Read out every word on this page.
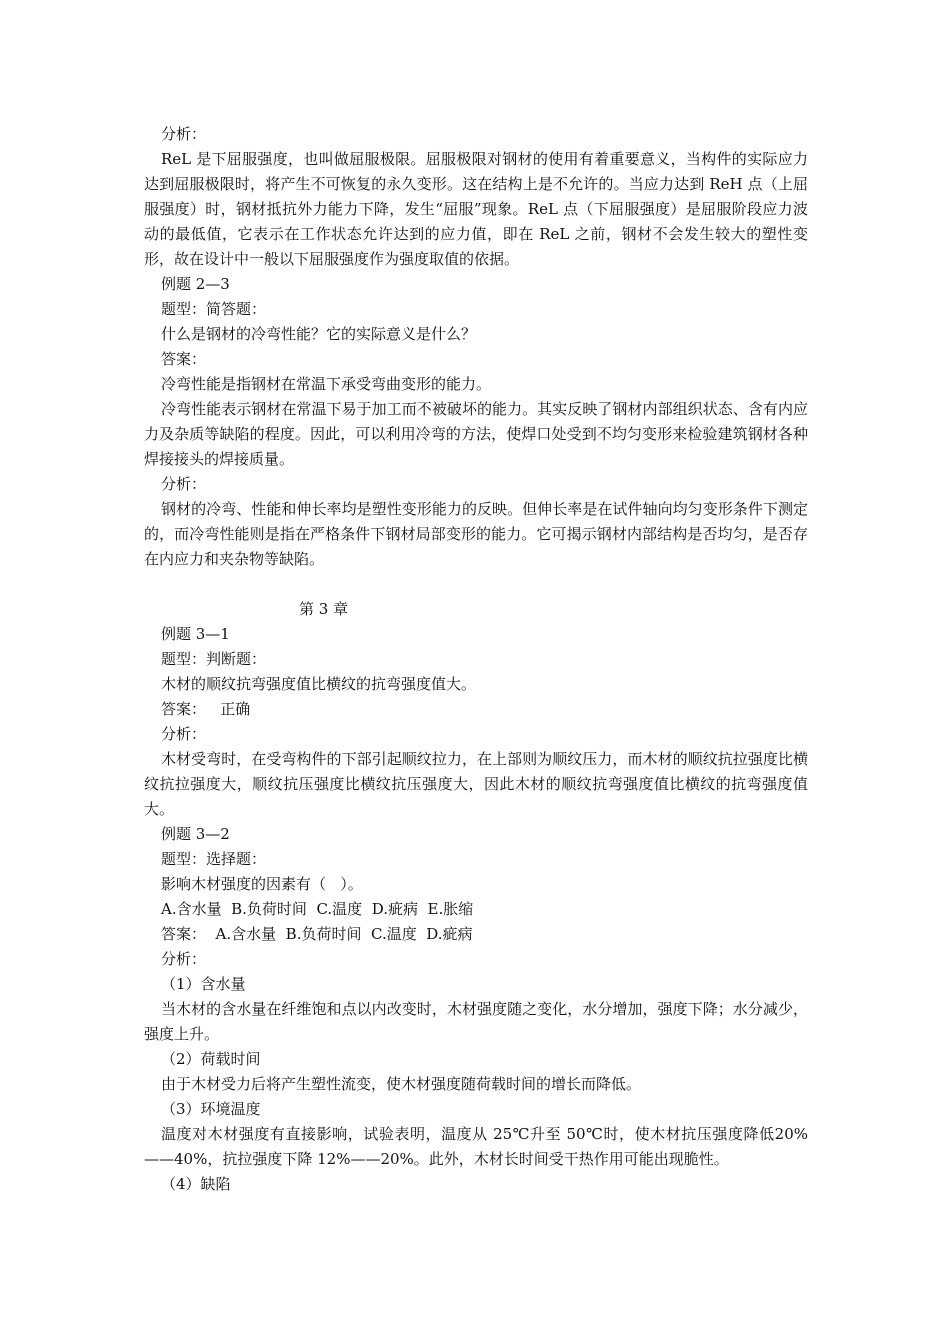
分析：

ReL 是下屈服强度，也叫做屈服极限。屈服极限对钢材的使用有着重要意义，当构件的实际应力达到屈服极限时，将产生不可恢复的永久变形。这在结构上是不允许的。当应力达到 ReH 点（上屈服强度）时，钢材抵抗外力能力下降，发生“屈服”现象。ReL 点（下屈服强度）是屈服阶段应力波动的最低值，它表示在工作状态允许达到的应力值，即在 ReL 之前，钢材不会发生较大的塑性变形，故在设计中一般以下屈服强度作为强度取值的依据。

例题 2—3

题型：简答题：

什么是钢材的冷弯性能？它的实际意义是什么？

答案：

冷弯性能是指钢材在常温下承受弯曲变形的能力。

冷弯性能表示钢材在常温下易于加工而不被破坏的能力。其实反映了钢材内部组织状态、含有内应力及杂质等缺陷的程度。因此，可以利用冷弯的方法，使焊口处受到不均匀变形来检验建筑钢材各种焊接接头的焊接质量。

分析：

钢材的冷弯、性能和伸长率均是塑性变形能力的反映。但伸长率是在试件轴向均匀变形条件下测定的，而冷弯性能则是指在严格条件下钢材局部变形的能力。它可揭示钢材内部结构是否均匀，是否存在内应力和夹杂物等缺陷。

第 3 章

例题 3—1

题型：判断题：

木材的顺纹抗弯强度值比横纹的抗弯强度值大。

答案：   正确

分析：

木材受弯时，在受弯构件的下部引起顺纹拉力，在上部则为顺纹压力，而木材的顺纹抗拉强度比横纹抗拉强度大，顺纹抗压强度比横纹抗压强度大，因此木材的顺纹抗弯强度值比横纹的抗弯强度值大。

例题 3—2

题型：选择题：

影响木材强度的因素有（   ）。

A.含水量  B.负荷时间  C.温度  D.疵病  E.胀缩

答案：  A.含水量  B.负荷时间  C.温度  D.疵病

分析：

（1）含水量

当木材的含水量在纤维饱和点以内改变时，木材强度随之变化，水分增加，强度下降；水分减少，强度上升。

（2）荷载时间

由于木材受力后将产生塑性流变，使木材强度随荷载时间的增长而降低。

（3）环境温度

温度对木材强度有直接影响，试验表明，温度从 25℃升至 50℃时，使木材抗压强度降低20%——40%，抗拉强度下降 12%——20%。此外，木材长时间受干热作用可能出现脆性。

（4）缺陷
